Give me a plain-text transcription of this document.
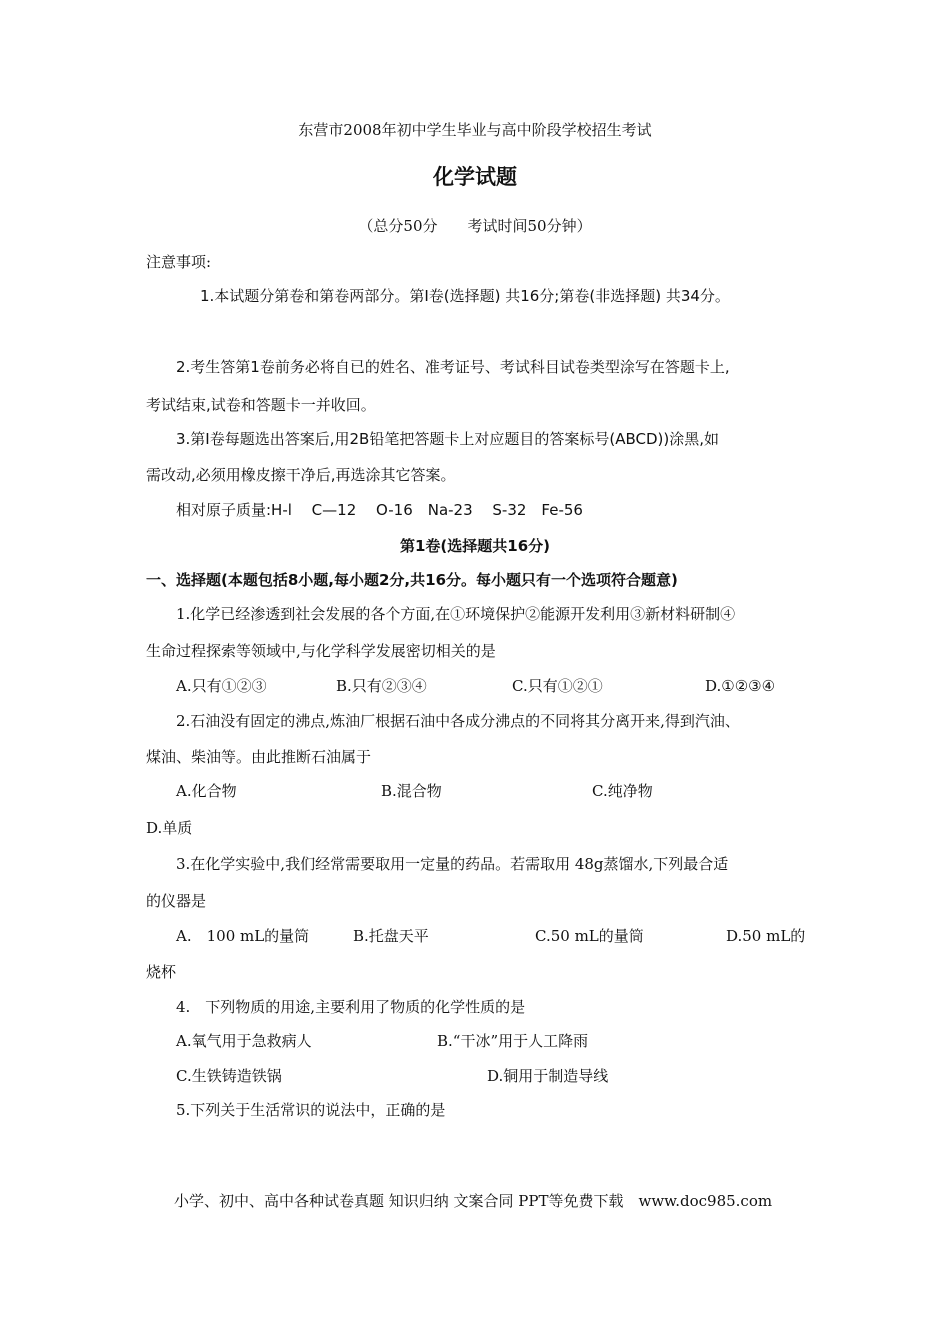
东营市2008年初中学生毕业与高中阶段学校招生考试
化学试题
（总分50分　　考试时间50分钟）
注意事项:
1.本试题分第卷和第卷两部分。第Ⅰ卷(选择题) 共16分;第卷(非选择题) 共34分。
2.考生答第1卷前务必将自已的姓名、准考证号、考试科目试卷类型涂写在答题卡上,
考试结束,试卷和答题卡一并收回。
3.第Ⅰ卷每题选出答案后,用2B铅笔把答题卡上对应题目的答案标号(ABCD))涂黑,如
需改动,必须用橡皮擦干净后,再选涂其它答案。
相对原子质量:H-l　 C—12　 O-16　Na-23　 S-32　Fe-56
第1卷(选择题共16分)
一、选择题(本题包括8小题,每小题2分,共16分。每小题只有一个选项符合题意)
1.化学已经渗透到社会发展的各个方面,在①环境保护②能源开发利用③新材料研制④
生命过程探索等领域中,与化学科学发展密切相关的是
A.只有①②③	B.只有②③④	C.只有①②①	D.①②③④
2.石油没有固定的沸点,炼油厂根据石油中各成分沸点的不同将其分离开来,得到汽油、
煤油、柴油等。由此推断石油属于
A.化合物	B.混合物	C.纯净物
D.单质
3.在化学实验中,我们经常需要取用一定量的药品。若需取用 48g蒸馏水,下列最合适
的仪器是
A.　100 mL的量筒	B.托盘天平	C.50 mL的量筒	D.50 mL的
烧杯
4.　下列物质的用途,主要利用了物质的化学性质的是
A.氧气用于急救病人	B.“干冰”用于人工降雨
C.生铁铸造铁锅	D.铜用于制造导线
5.下列关于生活常识的说法中，正确的是
小学、初中、高中各种试卷真题 知识归纳 文案合同 PPT等免费下载　www.doc985.com
